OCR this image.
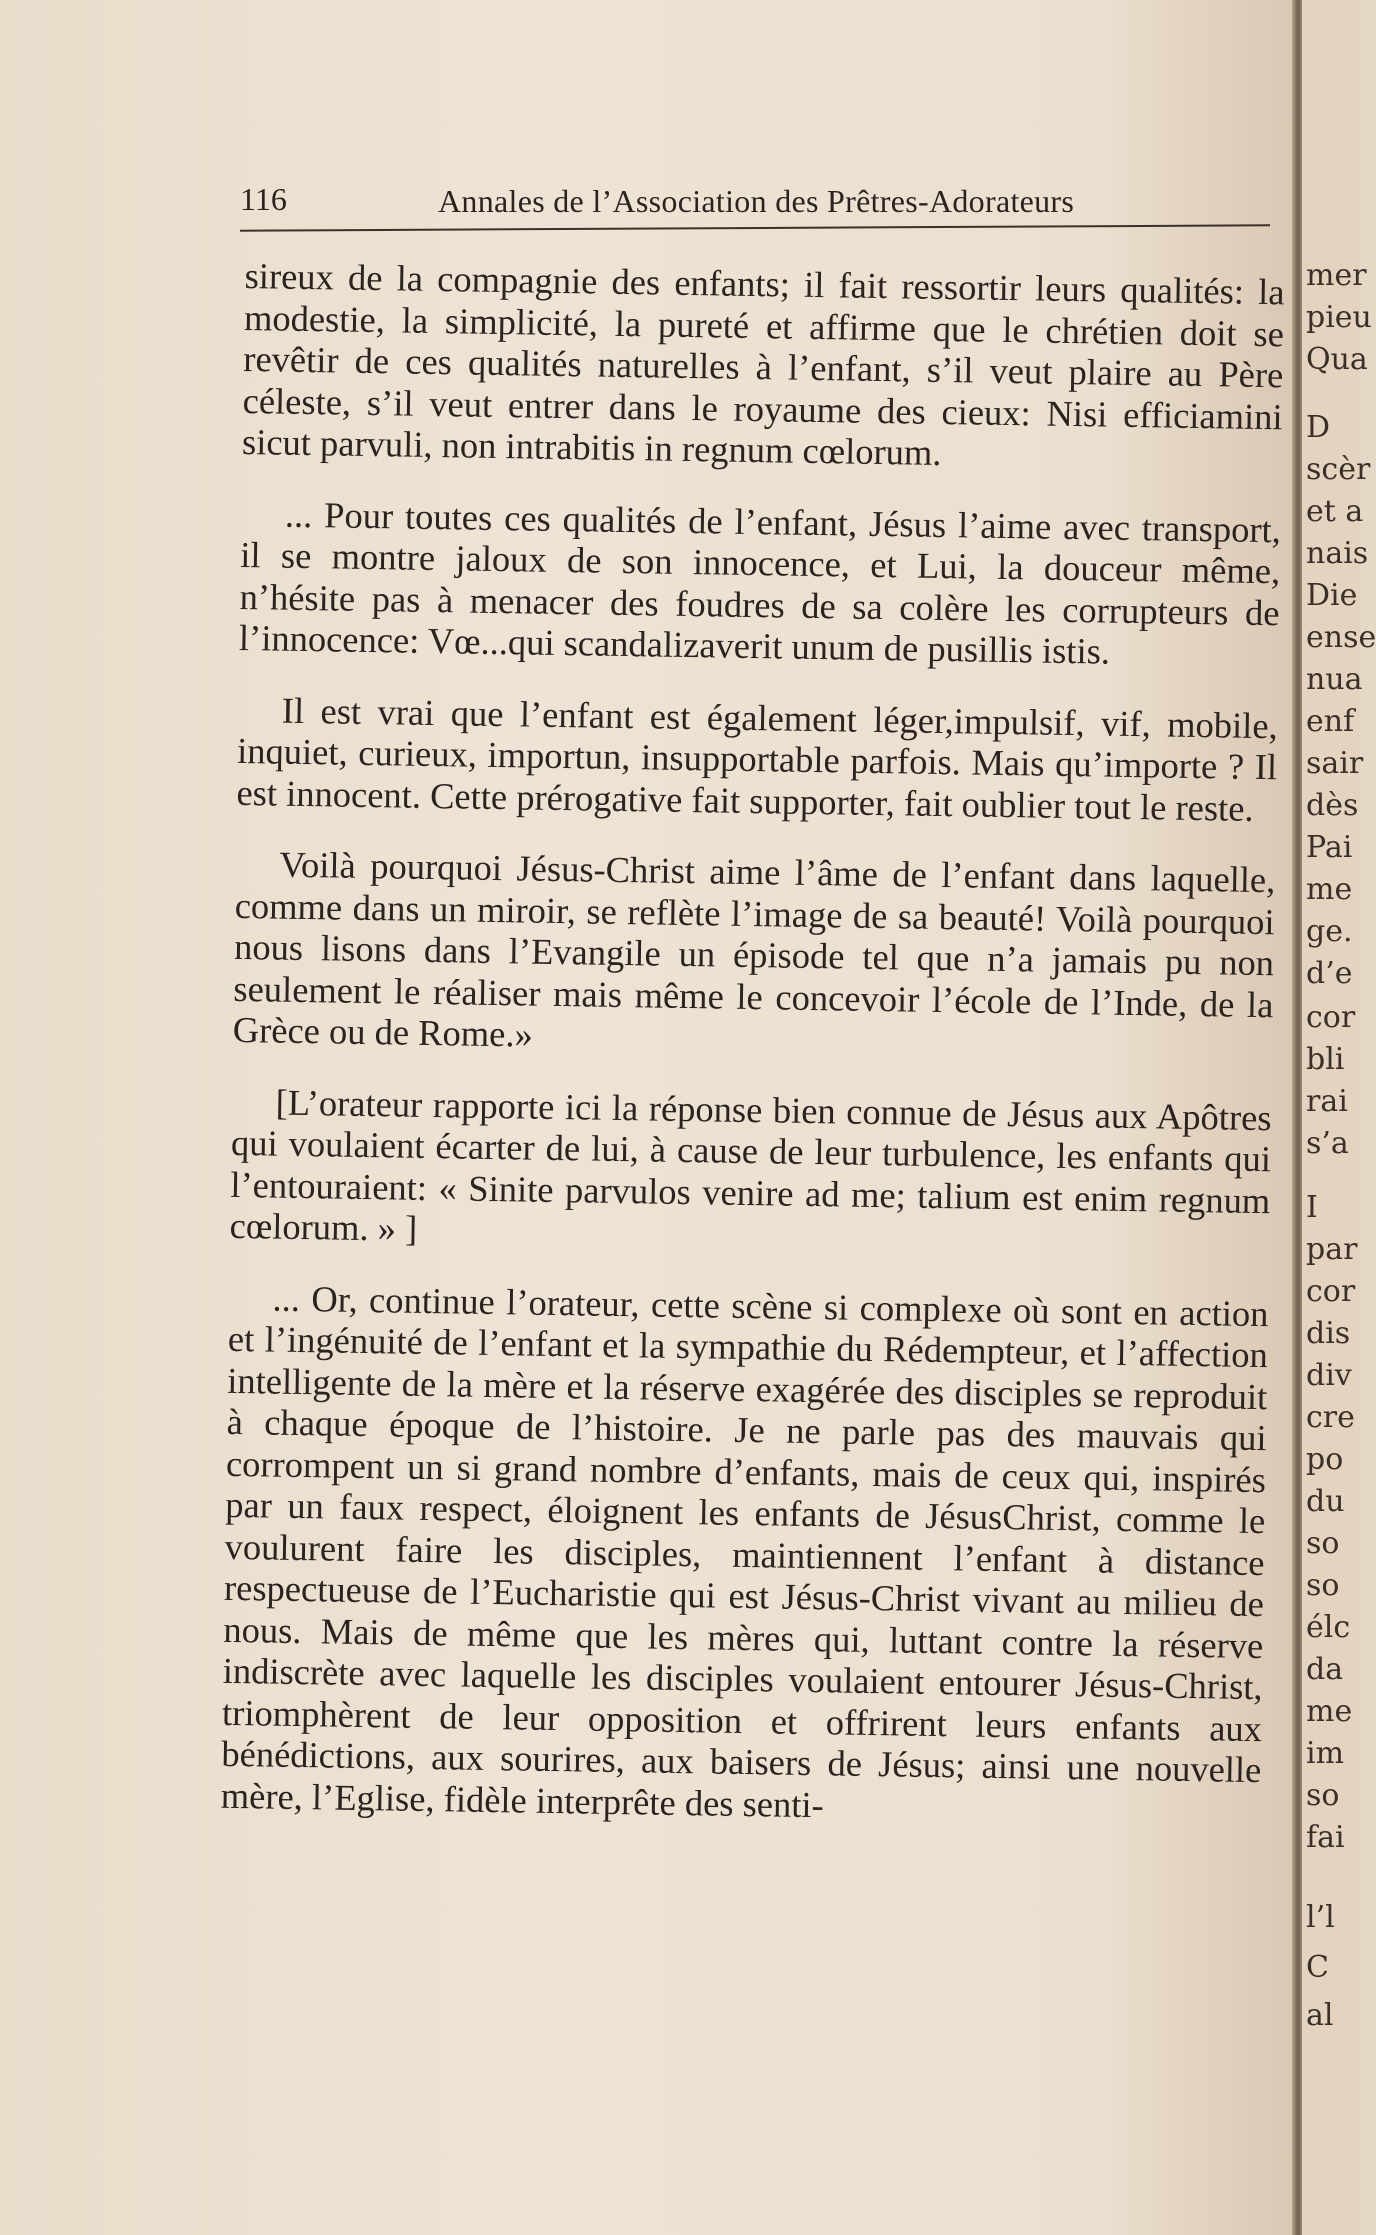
116	Annales de l’Association des Prêtres-Adorateurs

sireux de la compagnie des enfants; il fait ressortir leurs qualités: la modestie, la simplicité, la pureté et affirme que le chrétien doit se revêtir de ces qualités naturelles à l’enfant, s’il veut plaire au Père céleste, s’il veut entrer dans le royaume des cieux: Nisi efficiamini sicut parvuli, non intrabitis in regnum cœlorum.

... Pour toutes ces qualités de l’enfant, Jésus l’aime avec transport, il se montre jaloux de son innocence, et Lui, la douceur même, n’hésite pas à menacer des foudres de sa colère les corrupteurs de l’innocence: Vœ...qui scandalizaverit unum de pusillis istis.

Il est vrai que l’enfant est également léger,impulsif, vif, mobile, inquiet, curieux, importun, insupportable parfois. Mais qu’importe ? Il est innocent. Cette prérogative fait supporter, fait oublier tout le reste.

Voilà pourquoi Jésus-Christ aime l’âme de l’enfant dans laquelle, comme dans un miroir, se reflète l’image de sa beauté! Voilà pourquoi nous lisons dans l’Evangile un épisode tel que n’a jamais pu non seulement le réaliser mais même le concevoir l’école de l’Inde, de la Grèce ou de Rome.»

[L’orateur rapporte ici la réponse bien connue de Jésus aux Apôtres qui voulaient écarter de lui, à cause de leur turbulence, les enfants qui l’entouraient: « Sinite parvulos venire ad me; talium est enim regnum cœlorum. » ]

... Or, continue l’orateur, cette scène si complexe où sont en action et l’ingénuité de l’enfant et la sympathie du Rédempteur, et l’affection intelligente de la mère et la réserve exagérée des disciples se reproduit à chaque époque de l’histoire. Je ne parle pas des mauvais qui corrompent un si grand nombre d’enfants, mais de ceux qui, inspirés par un faux respect, éloignent les enfants de JésusChrist, comme le voulurent faire les disciples, maintiennent l’enfant à distance respectueuse de l’Eucharistie qui est Jésus-Christ vivant au milieu de nous. Mais de même que les mères qui, luttant contre la réserve indiscrète avec laquelle les disciples voulaient entourer Jésus-Christ, triomphèrent de leur opposition et offrirent leurs enfants aux bénédictions, aux sourires, aux baisers de Jésus; ainsi une nouvelle mère, l’Eglise, fidèle interprête des senti-

mer
pieu
Qua
D
scèr
et a
nais
Die
ense
nua
enf
sair
dès
Pai
me
ge.
d’e
cor
bli
rai
s’a
I
par
cor
dis
div
cre
po
du
so
so
élc
da
me
im
so
fai
l’l
C
al
